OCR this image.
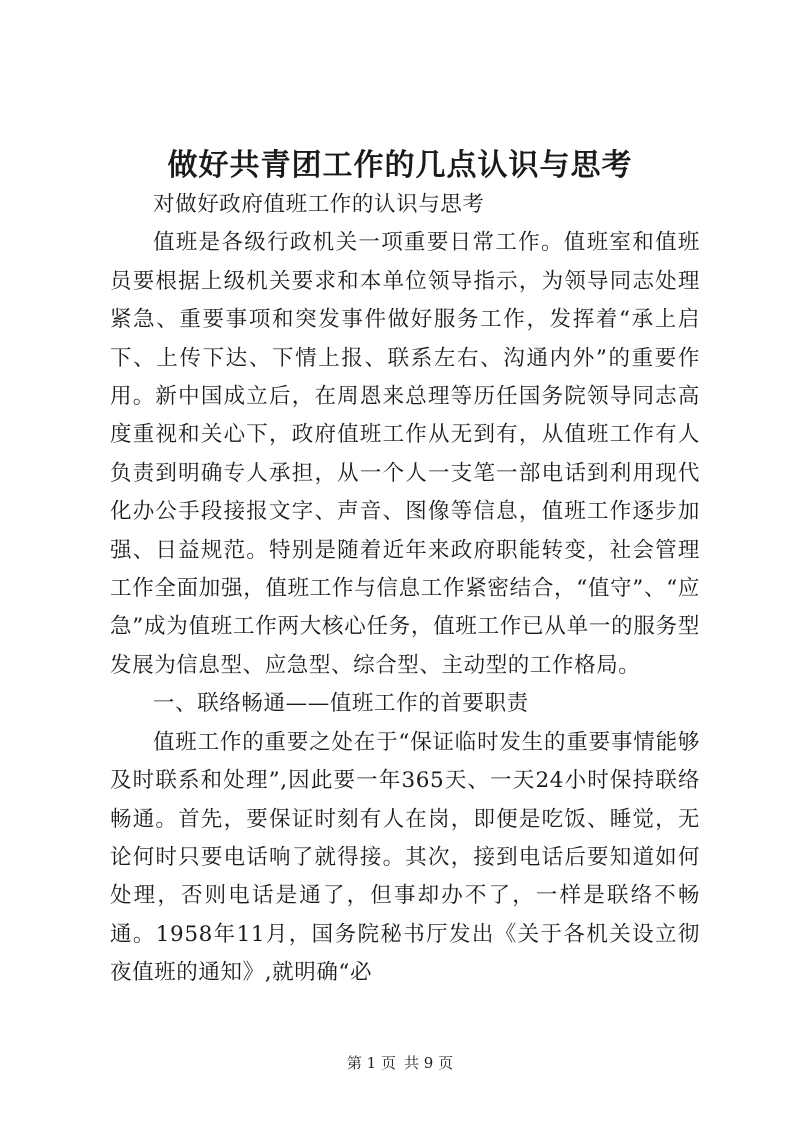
做好共青团工作的几点认识与思考

对做好政府值班工作的认识与思考

值班是各级行政机关一项重要日常工作。值班室和值班员要根据上级机关要求和本单位领导指示，为领导同志处理紧急、重要事项和突发事件做好服务工作，发挥着“承上启下、上传下达、下情上报、联系左右、沟通内外”的重要作用。新中国成立后，在周恩来总理等历任国务院领导同志高度重视和关心下，政府值班工作从无到有，从值班工作有人负责到明确专人承担，从一个人一支笔一部电话到利用现代化办公手段接报文字、声音、图像等信息，值班工作逐步加强、日益规范。特别是随着近年来政府职能转变，社会管理工作全面加强，值班工作与信息工作紧密结合，“值守”、“应急”成为值班工作两大核心任务，值班工作已从单一的服务型发展为信息型、应急型、综合型、主动型的工作格局。

一、联络畅通——值班工作的首要职责

值班工作的重要之处在于“保证临时发生的重要事情能够及时联系和处理”,因此要一年365天、一天24小时保持联络畅通。首先，要保证时刻有人在岗，即便是吃饭、睡觉，无论何时只要电话响了就得接。其次，接到电话后要知道如何处理，否则电话是通了，但事却办不了，一样是联络不畅通。1958年11月，国务院秘书厅发出《关于各机关设立彻夜值班的通知》,就明确“必

第 1 页 共 9 页
